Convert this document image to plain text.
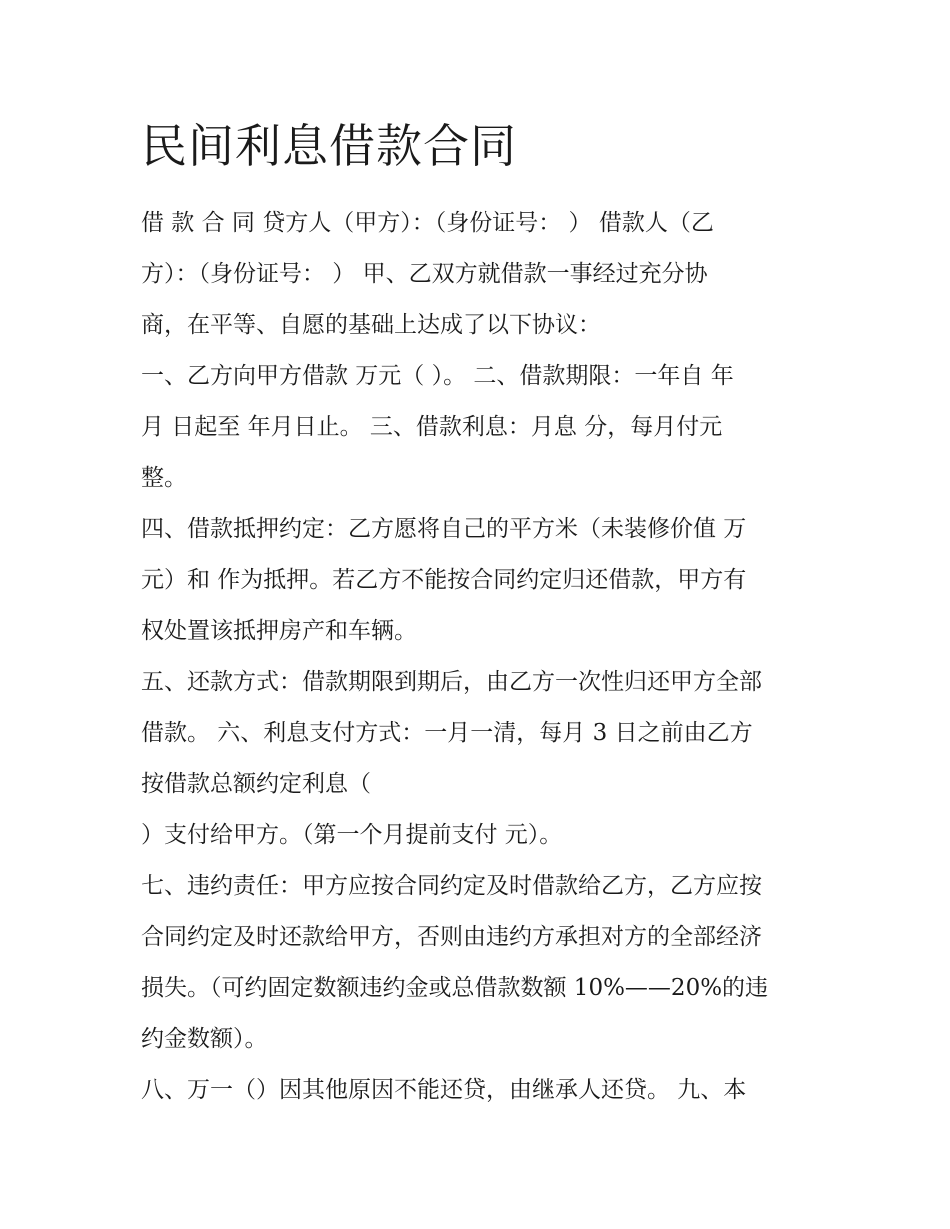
民间利息借款合同
借 款 合 同 贷方人（甲方）：（身份证号： ） 借款人（乙
方）：（身份证号： ） 甲、乙双方就借款一事经过充分协
商，在平等、自愿的基础上达成了以下协议：
一、乙方向甲方借款 万元（ ）。 二、借款期限：一年自 年
月 日起至 年月日止。 三、借款利息：月息 分，每月付元
整。
四、借款抵押约定：乙方愿将自己的平方米（未装修价值 万
元）和 作为抵押。若乙方不能按合同约定归还借款，甲方有
权处置该抵押房产和车辆。
五、还款方式：借款期限到期后，由乙方一次性归还甲方全部
借款。 六、利息支付方式：一月一清，每月 3 日之前由乙方
按借款总额约定利息（
）支付给甲方。（第一个月提前支付 元）。
七、违约责任：甲方应按合同约定及时借款给乙方，乙方应按
合同约定及时还款给甲方，否则由违约方承担对方的全部经济
损失。（可约固定数额违约金或总借款数额 10%——20%的违
约金数额）。
八、万一（）因其他原因不能还贷，由继承人还贷。 九、本
